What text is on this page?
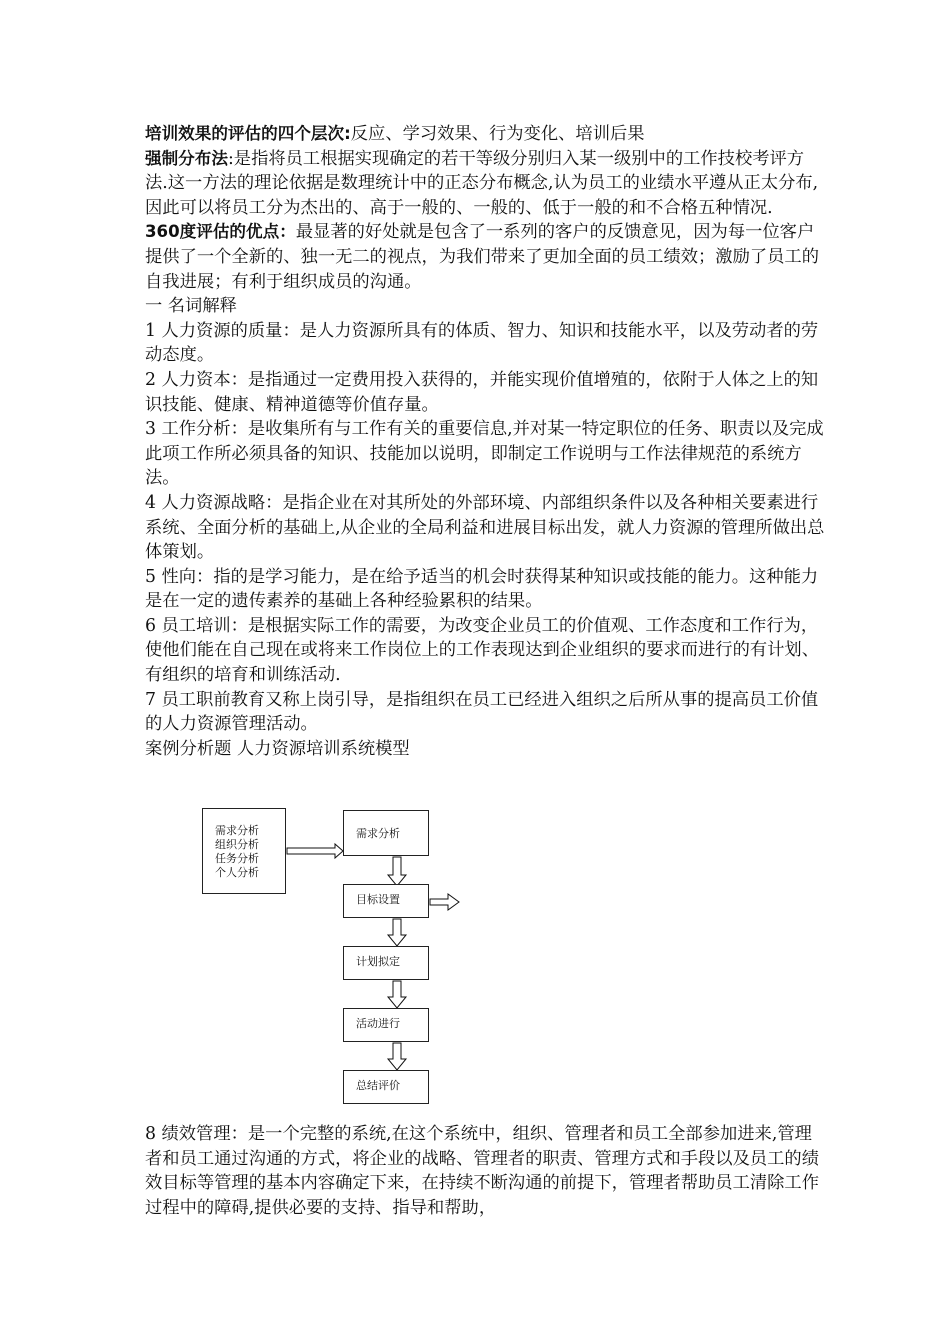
培训效果的评估的四个层次:反应、学习效果、行为变化、培训后果

强制分布法:是指将员工根据实现确定的若干等级分别归入某一级别中的工作技校考评方法.这一方法的理论依据是数理统计中的正态分布概念,认为员工的业绩水平遵从正太分布,因此可以将员工分为杰出的、高于一般的、一般的、低于一般的和不合格五种情况.

360度评估的优点：最显著的好处就是包含了一系列的客户的反馈意见，因为每一位客户提供了一个全新的、独一无二的视点，为我们带来了更加全面的员工绩效；激励了员工的自我进展；有利于组织成员的沟通。

一 名词解释

1 人力资源的质量：是人力资源所具有的体质、智力、知识和技能水平，以及劳动者的劳动态度。

2 人力资本：是指通过一定费用投入获得的，并能实现价值增殖的，依附于人体之上的知识技能、健康、精神道德等价值存量。

3 工作分析：是收集所有与工作有关的重要信息,并对某一特定职位的任务、职责以及完成此项工作所必须具备的知识、技能加以说明，即制定工作说明与工作法律规范的系统方法。

4 人力资源战略：是指企业在对其所处的外部环境、内部组织条件以及各种相关要素进行系统、全面分析的基础上,从企业的全局利益和进展目标出发，就人力资源的管理所做出总体策划。

5 性向：指的是学习能力，是在给予适当的机会时获得某种知识或技能的能力。这种能力是在一定的遗传素养的基础上各种经验累积的结果。

6 员工培训：是根据实际工作的需要，为改变企业员工的价值观、工作态度和工作行为，使他们能在自己现在或将来工作岗位上的工作表现达到企业组织的要求而进行的有计划、有组织的培育和训练活动.

7 员工职前教育又称上岗引导，是指组织在员工已经进入组织之后所从事的提高员工价值的人力资源管理活动。

案例分析题 人力资源培训系统模型

需求分析
组织分析
任务分析
个人分析
需求分析
目标设置
计划拟定
活动进行
总结评价

8 绩效管理：是一个完整的系统,在这个系统中，组织、管理者和员工全部参加进来,管理者和员工通过沟通的方式，将企业的战略、管理者的职责、管理方式和手段以及员工的绩效目标等管理的基本内容确定下来，在持续不断沟通的前提下，管理者帮助员工清除工作过程中的障碍,提供必要的支持、指导和帮助，
